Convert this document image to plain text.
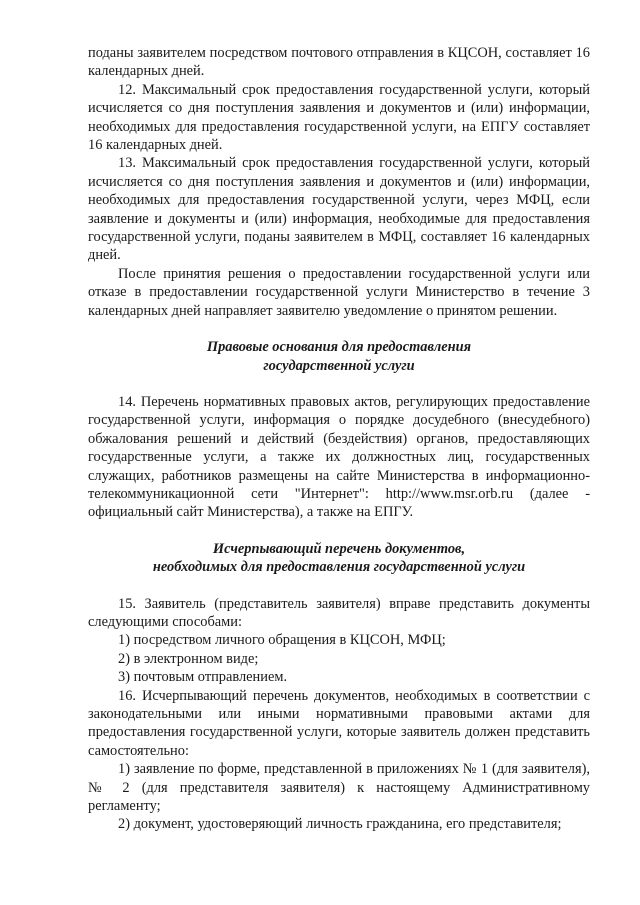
поданы заявителем посредством почтового отправления в КЦСОН, составляет 16 календарных дней.

12. Максимальный срок предоставления государственной услуги, который исчисляется со дня поступления заявления и документов и (или) информации, необходимых для предоставления государственной услуги, на ЕПГУ составляет 16 календарных дней.

13. Максимальный срок предоставления государственной услуги, который исчисляется со дня поступления заявления и документов и (или) информации, необходимых для предоставления государственной услуги, через МФЦ, если заявление и документы и (или) информация, необходимые для предоставления государственной услуги, поданы заявителем в МФЦ, составляет 16 календарных дней.

После принятия решения о предоставлении государственной услуги или отказе в предоставлении государственной услуги Министерство в течение 3 календарных дней направляет заявителю уведомление о принятом решении.

Правовые основания для предоставления

государственной услуги

14. Перечень нормативных правовых актов, регулирующих предоставление государственной услуги, информация о порядке досудебного (внесудебного) обжалования решений и действий (бездействия) органов, предоставляющих государственные услуги, а также их должностных лиц, государственных служащих, работников размещены на сайте Министерства в информационно-телекоммуникационной сети "Интернет": http://www.msr.orb.ru (далее - официальный сайт Министерства), а также на ЕПГУ.

Исчерпывающий перечень документов,

необходимых для предоставления государственной услуги

15. Заявитель (представитель заявителя) вправе представить документы следующими способами:

1) посредством личного обращения в КЦСОН, МФЦ;

2) в электронном виде;

3) почтовым отправлением.

16. Исчерпывающий перечень документов, необходимых в соответствии с законодательными или иными нормативными правовыми актами для предоставления государственной услуги, которые заявитель должен представить самостоятельно:

1) заявление по форме, представленной в приложениях № 1 (для заявителя), № 2 (для представителя заявителя) к настоящему Административному регламенту;

2) документ, удостоверяющий личность гражданина, его представителя;
